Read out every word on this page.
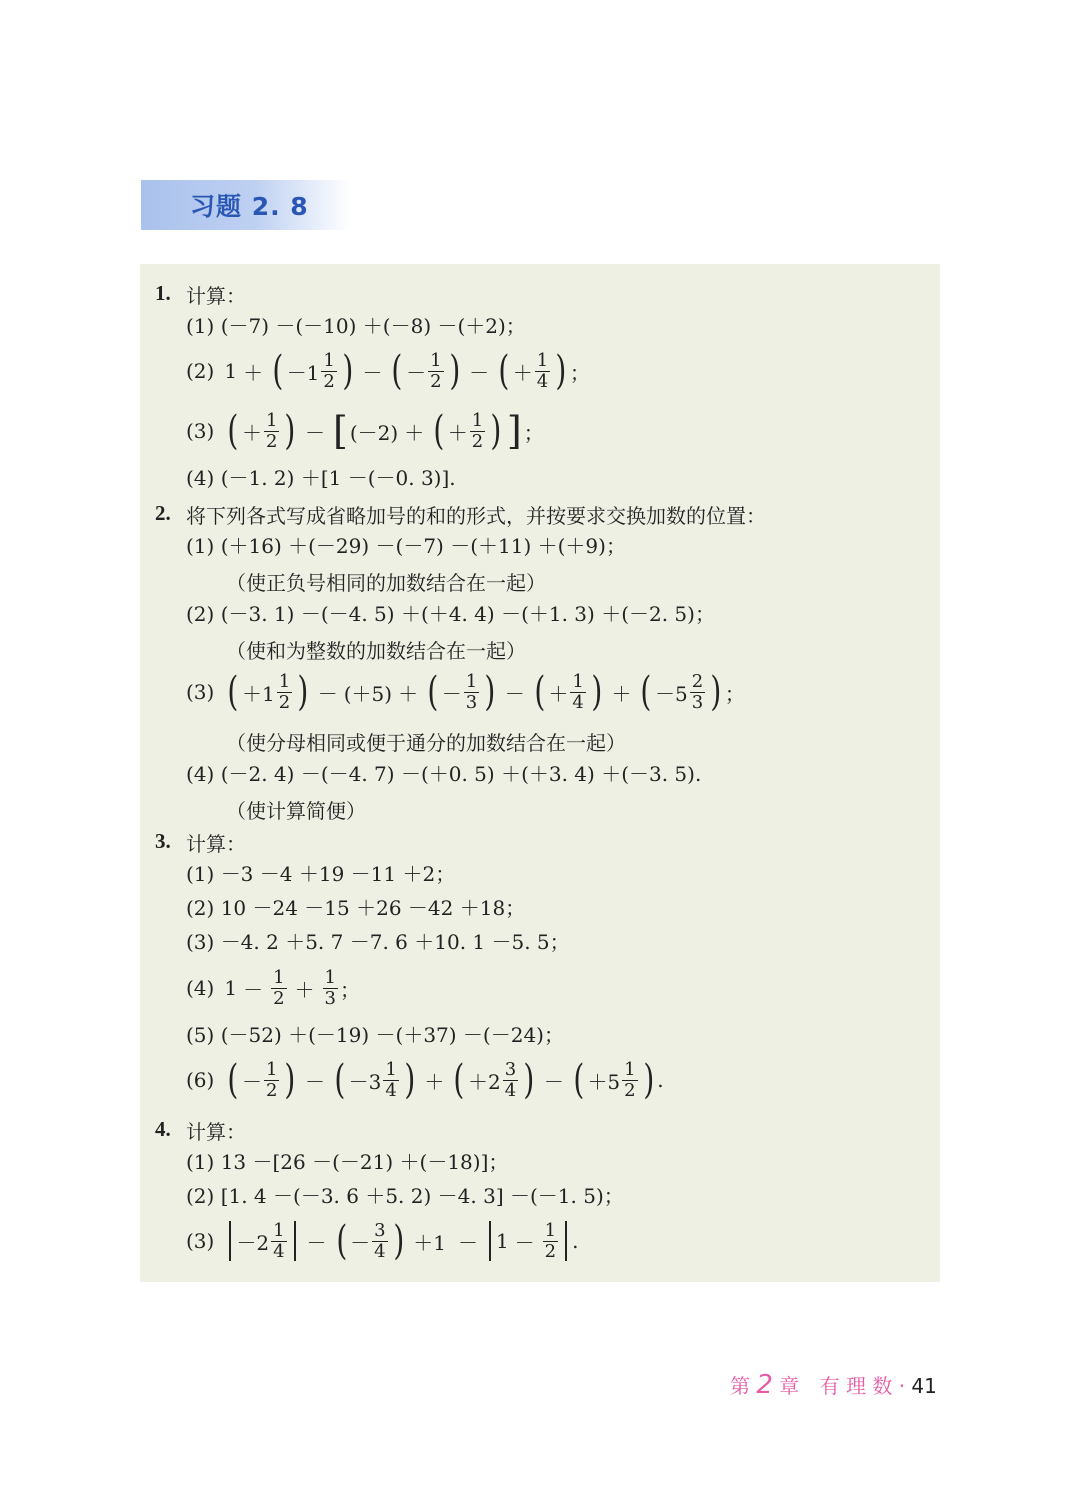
习题 2. 8
1. 计算：
(1) (－7) －(－10) ＋(－8) －(＋2)；
(2) 1 ＋ ( $-1 \frac{1}{2}$ ) － ( － $\frac{1}{2}$ ) － ( ＋ $\frac{1}{4}$ ) ；
(3) ( ＋ $\frac{1}{2}$ ) － [ (－2) ＋ ( ＋ $\frac{1}{2}$ ) ] ；
(4) (－1. 2) ＋[1 －(－0. 3)].
2. 将下列各式写成省略加号的和的形式，并按要求交换加数的位置：
(1) (＋16) ＋(－29) －(－7) －(＋11) ＋(＋9)；
（使正负号相同的加数结合在一起）
(2) (－3. 1) －(－4. 5) ＋(＋4. 4) －(＋1. 3) ＋(－2. 5)；
（使和为整数的加数结合在一起）
(3) ( $+1 \frac{1}{2}$ ) － (＋5) ＋ ( － $\frac{1}{3}$ ) － ( ＋ $\frac{1}{4}$ ) ＋ ( $-5 \frac{2}{3}$ ) ；
（使分母相同或便于通分的加数结合在一起）
(4) (－2. 4) －(－4. 7) －(＋0. 5) ＋(＋3. 4) ＋(－3. 5).
（使计算简便）
3. 计算：
(1) －3 －4 ＋19 －11 ＋2；
(2) 10 －24 －15 ＋26 －42 ＋18；
(3) －4. 2 ＋5. 7 －7. 6 ＋10. 1 －5. 5；
(4) $1 - \frac{1}{2} + \frac{1}{3}$ ；
(5) (－52) ＋(－19) －(＋37) －(－24)；
(6) ( － $\frac{1}{2}$ ) － ( $-3 \frac{1}{4}$ ) ＋ ( $+2 \frac{3}{4}$ ) － ( $+5 \frac{1}{2}$ ) .
4. 计算：
(1) 13 －[26 －(－21) ＋(－18)]；
(2) [1. 4 －(－3. 6 ＋5. 2) －4. 3] －(－1. 5)；
$(3) -2 \frac{1}{4}$ － ( － $\frac{3}{4}$ ) $+1 - 1 - \frac{1}{2}$ .
第 2 章 有 理 数 · 41
